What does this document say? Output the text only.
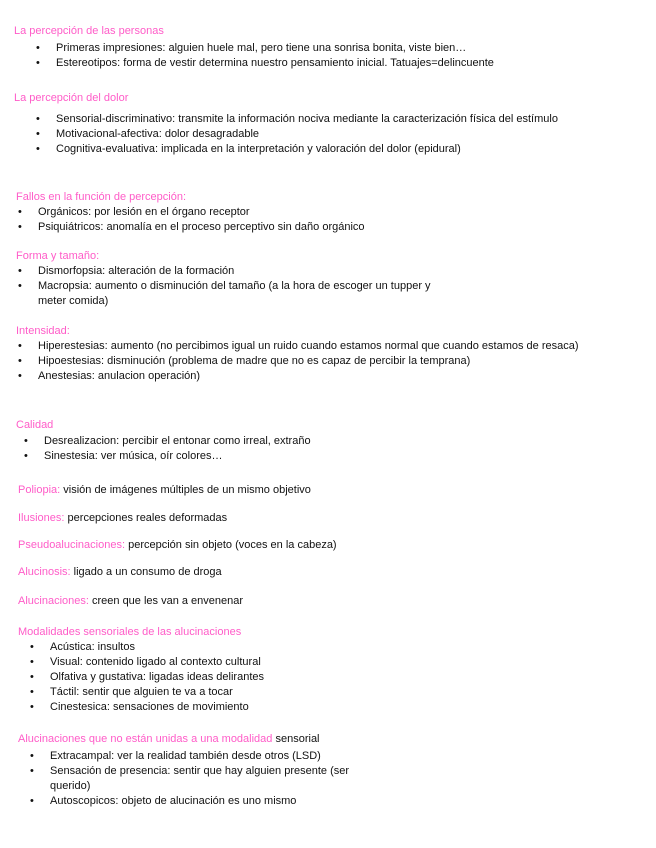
La percepción de las personas
• Primeras impresiones: alguien huele mal, pero tiene una sonrisa bonita, viste bien…
• Estereotipos: forma de vestir determina nuestro pensamiento inicial. Tatuajes=delincuente
La percepción del dolor
• Sensorial-discriminativo: transmite la información nociva mediante la caracterización física del estímulo
• Motivacional-afectiva: dolor desagradable
• Cognitiva-evaluativa: implicada en la interpretación y valoración del dolor (epidural)
Fallos en la función de percepción:
• Orgánicos: por lesión en el órgano receptor
• Psiquiátricos: anomalía en el proceso perceptivo sin daño orgánico
Forma y tamaño:
• Dismorfopsia: alteración de la formación
• Macropsia: aumento o disminución del tamaño (a la hora de escoger un tupper y meter comida)
Intensidad:
• Hiperestesias: aumento (no percibimos igual un ruido cuando estamos normal que cuando estamos de resaca)
• Hipoestesias: disminución (problema de madre que no es capaz de percibir la temprana)
• Anestesias: anulacion operación)
Calidad
• Desrealizacion: percibir el entonar como irreal, extraño
• Sinestesia: ver música, oír colores…
Poliopia: visión de imágenes múltiples de un mismo objetivo
Ilusiones: percepciones reales deformadas
Pseudoalucinaciones: percepción sin objeto (voces en la cabeza)
Alucinosis: ligado a un consumo de droga
Alucinaciones: creen que les van a envenenar
Modalidades sensoriales de las alucinaciones
• Acústica: insultos
• Visual: contenido ligado al contexto cultural
• Olfativa y gustativa: ligadas ideas delirantes
• Táctil: sentir que alguien te va a tocar
• Cinestesica: sensaciones de movimiento
Alucinaciones que no están unidas a una modalidad sensorial
• Extracampal: ver la realidad también desde otros (LSD)
• Sensación de presencia: sentir que hay alguien presente (ser querido)
• Autoscopicos: objeto de alucinación es uno mismo
